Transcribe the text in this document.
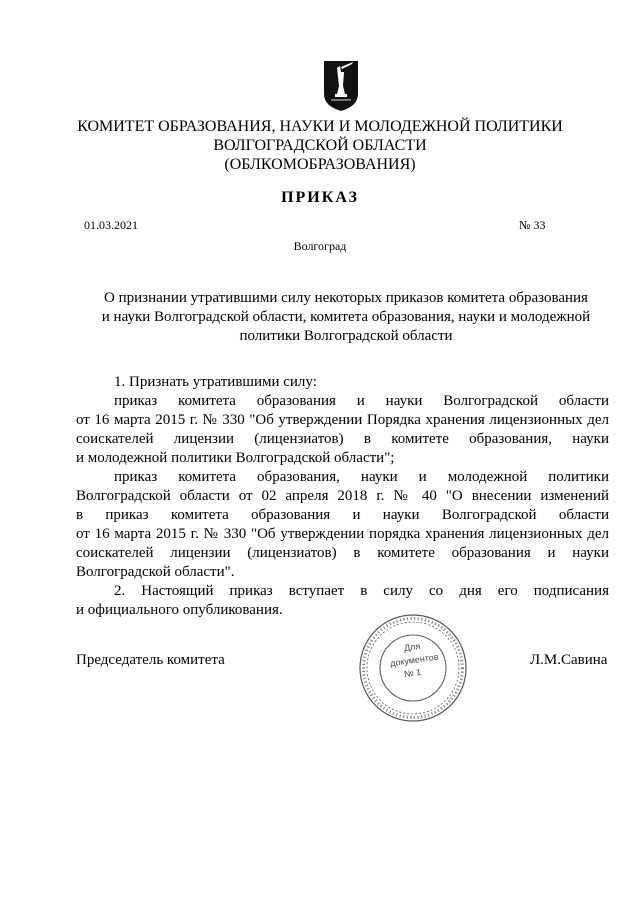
КОМИТЕТ ОБРАЗОВАНИЯ, НАУКИ И МОЛОДЕЖНОЙ ПОЛИТИКИ
ВОЛГОГРАДСКОЙ ОБЛАСТИ
(ОБЛКОМОБРАЗОВАНИЯ)
ПРИКАЗ
01.03.2021	№ 33
Волгоград
О признании утратившими силу некоторых приказов комитета образования
и науки Волгоградской области, комитета образования, науки и молодежной
политики Волгоградской области

1. Признать утратившими силу:

приказ комитета образования и науки Волгоградской области
от 16 марта 2015 г. № 330 "Об утверждении Порядка хранения лицензионных дел
соискателей лицензии (лицензиатов) в комитете образования, науки
и молодежной политики Волгоградской области";

приказ комитета образования, науки и молодежной политики
Волгоградской области от 02 апреля 2018 г. № 40 "О внесении изменений
в приказ комитета образования и науки Волгоградской области
от 16 марта 2015 г. № 330 "Об утверждении порядка хранения лицензионных дел
соискателей лицензии (лицензиатов) в комитете образования и науки
Волгоградской области".

2. Настоящий приказ вступает в силу со дня его подписания
и официального опубликования.

Для
документов
№ 1
Председатель комитета	Л.М.Савина
